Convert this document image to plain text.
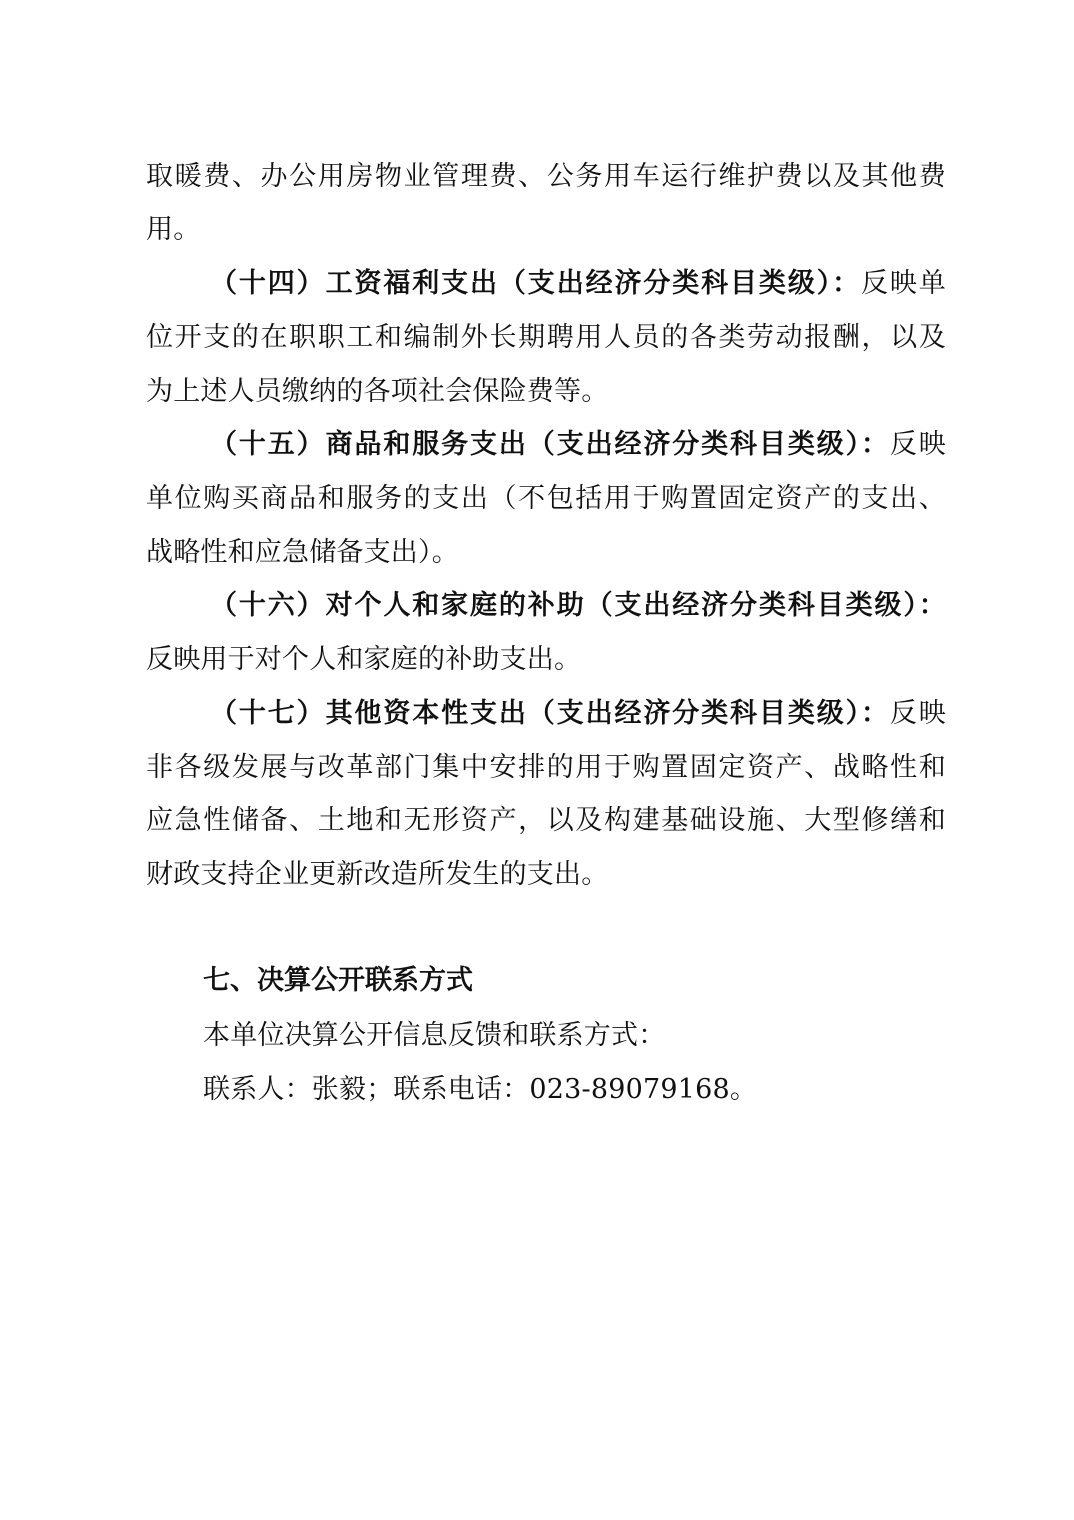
取暖费、办公用房物业管理费、公务用车运行维护费以及其他费
用。
（十四）工资福利支出（支出经济分类科目类级）：反映单
位开支的在职职工和编制外长期聘用人员的各类劳动报酬，以及
为上述人员缴纳的各项社会保险费等。
（十五）商品和服务支出（支出经济分类科目类级）：反映
单位购买商品和服务的支出（不包括用于购置固定资产的支出、
战略性和应急储备支出）。
（十六）对个人和家庭的补助（支出经济分类科目类级）：
反映用于对个人和家庭的补助支出。
（十七）其他资本性支出（支出经济分类科目类级）：反映
非各级发展与改革部门集中安排的用于购置固定资产、战略性和
应急性储备、土地和无形资产，以及构建基础设施、大型修缮和
财政支持企业更新改造所发生的支出。
七、决算公开联系方式
本单位决算公开信息反馈和联系方式：
联系人：张毅；联系电话：023-89079168。
